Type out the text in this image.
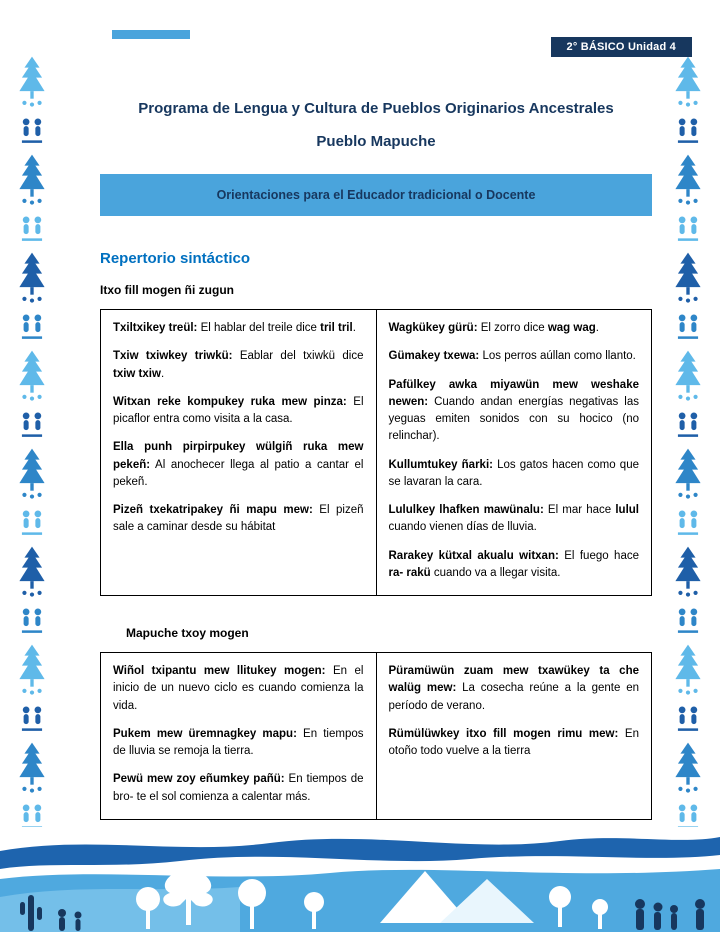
2° BÁSICO Unidad 4
Programa de Lengua y Cultura de Pueblos Originarios Ancestrales
Pueblo Mapuche
Orientaciones para el Educador tradicional o Docente
Repertorio sintáctico
Itxo fill mogen ñi zugun

Txiltxikey treül: El hablar del treile dice tril tril.

Txiw txiwkey triwkü: Eablar del txiwkü dice txiw txiw.

Witxan reke kompukey ruka mew pinza: El picaflor entra como visita a la casa.

Ella punh pirpirpukey wülgiñ ruka mew pekeñ: Al anochecer llega al patio a cantar el pekeñ.

Pizeñ txekatripakey ñi mapu mew: El pizeñ sale a caminar desde su hábitat

Wagkükey gürü: El zorro dice wag wag.

Gümakey txewa: Los perros aúllan como llanto.

Pafülkey awka miyawün mew weshake newen: Cuando andan energías negativas las yeguas emiten sonidos con su hocico (no relinchar).

Kullumtukey ñarki: Los gatos hacen como que se lavaran la cara.

Lululkey lhafken mawünalu: El mar hace lulul cuando vienen días de lluvia.

Rarakey kütxal akualu witxan: El fuego hace ra- rakü cuando va a llegar visita.

Mapuche txoy mogen

Wiñol txipantu mew llitukey mogen: En el inicio de un nuevo ciclo es cuando comienza la vida.

Pukem mew üremnagkey mapu: En tiempos de lluvia se remoja la tierra.

Pewü mew zoy eñumkey pañü: En tiempos de bro- te el sol comienza a calentar más.

Püramüwün zuam mew txawükey ta che walüg mew: La cosecha reúne a la gente en período de verano.

Rümülüwkey itxo fill mogen rimu mew: En otoño todo vuelve a la tierra
